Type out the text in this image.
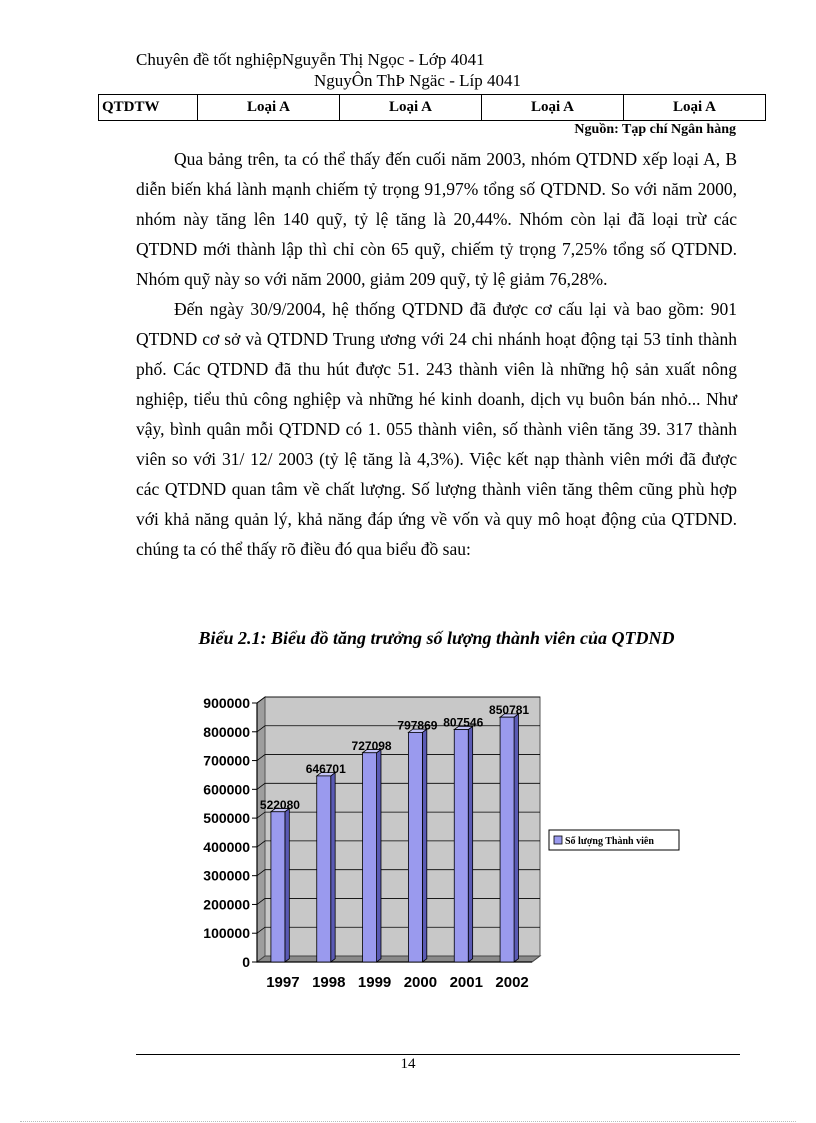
Chuyên đề tốt nghiệpNguyễn Thị Ngọc - Lớp 4041
NguyÔn ThÞ Ngäc - Líp 4041
QTDTW	Loại A	Loại A	Loại A	Loại A
Nguồn: Tạp chí Ngân hàng

Qua bảng trên, ta có thể thấy đến cuối năm 2003, nhóm QTDND xếp loại A, B diễn biến khá lành mạnh chiếm tỷ trọng 91,97% tổng số QTDND. So với năm 2000, nhóm này tăng lên 140 quỹ, tỷ lệ tăng là 20,44%. Nhóm còn lại đã loại trừ các QTDND mới thành lập thì chỉ còn 65 quỹ, chiếm tỷ trọng 7,25% tổng số QTDND. Nhóm quỹ này so với năm 2000, giảm 209 quỹ, tỷ lệ giảm 76,28%.

Đến ngày 30/9/2004, hệ thống QTDND đã được cơ cấu lại và bao gồm: 901 QTDND cơ sở và QTDND Trung ương với 24 chi nhánh hoạt động tại 53 tỉnh thành phố. Các QTDND đã thu hút được 51. 243 thành viên là những hộ sản xuất nông nghiệp, tiểu thủ công nghiệp và những hé kinh doanh, dịch vụ buôn bán nhỏ... Như vậy, bình quân mỗi QTDND có 1. 055 thành viên, số thành viên tăng 39. 317 thành viên so với 31/ 12/ 2003 (tỷ lệ tăng là 4,3%). Việc kết nạp thành viên mới đã được các QTDND quan tâm về chất lượng. Số lượng thành viên tăng thêm cũng phù hợp với khả năng quản lý, khả năng đáp ứng về vốn và quy mô hoạt động của QTDND. chúng ta có thể thấy rõ điều đó qua biểu đồ sau:

Biểu 2.1: Biểu đồ tăng trưởng số lượng thành viên của QTDND
0
100000
200000
300000
400000
500000
600000
700000
800000
900000
522080
1997
646701
1998
727098
1999
797869
2000
807546
2001
850781
2002
Số lượng Thành viên
14
